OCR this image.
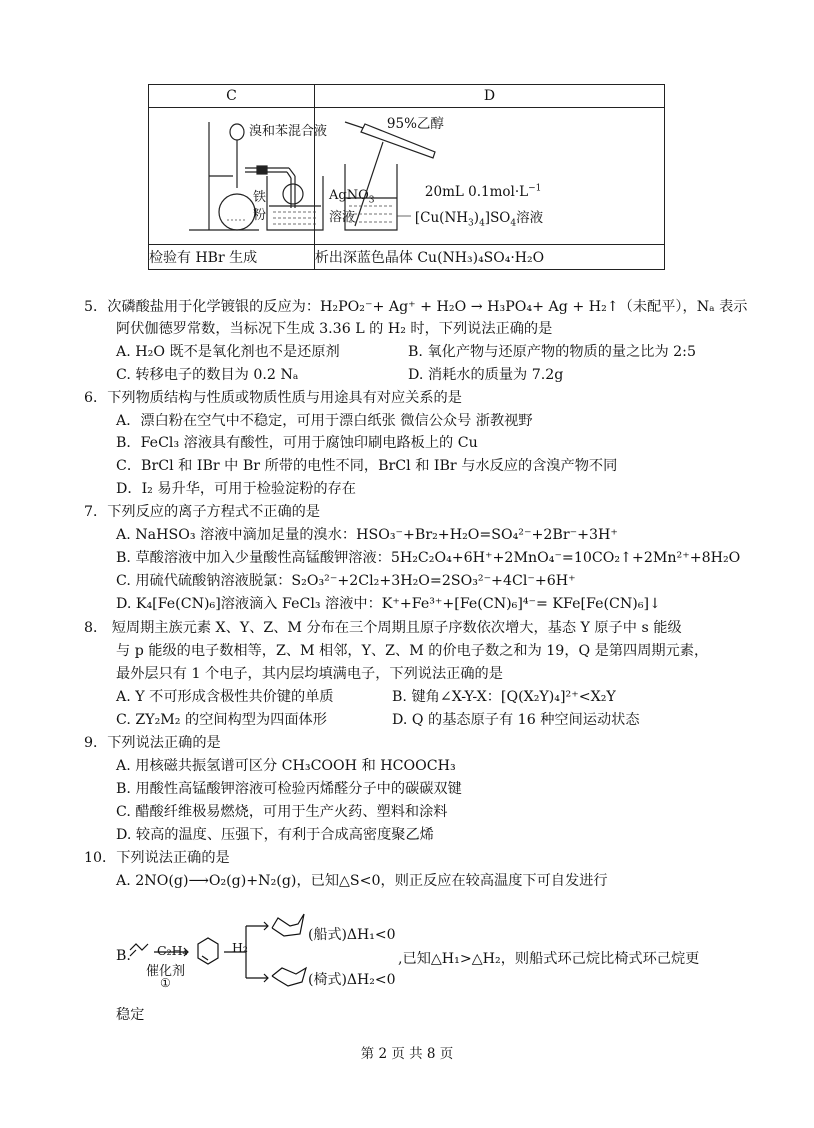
C	D

溴和苯混合液
铁
粉
AgNO$_3$
溶液	95%乙醇
20mL $0.1mol\cdot L^{-1}$
$[Cu(NH_3)_4]SO_4$溶液

检验有 HBr 生成	析出深蓝色晶体 Cu(NH₃)₄SO₄·H₂O
5．次磷酸盐用于化学镀银的反应为：H₂PO₂⁻+ Ag⁺ + H₂O → H₃PO₄+ Ag + H₂↑（未配平），Nₐ 表示
阿伏伽德罗常数，当标况下生成 3.36 L 的 H₂ 时，下列说法正确的是
A. H₂O 既不是氧化剂也不是还原剂	B. 氧化产物与还原产物的物质的量之比为 2:5
C. 转移电子的数目为 0.2 Nₐ	D. 消耗水的质量为 7.2g
6．下列物质结构与性质或物质性质与用途具有对应关系的是
A．漂白粉在空气中不稳定，可用于漂白纸张 微信公众号 浙教视野
B．FeCl₃ 溶液具有酸性，可用于腐蚀印刷电路板上的 Cu
C．BrCl 和 IBr 中 Br 所带的电性不同，BrCl 和 IBr 与水反应的含溴产物不同
D．I₂ 易升华，可用于检验淀粉的存在
7．下列反应的离子方程式不正确的是
A. NaHSO₃ 溶液中滴加足量的溴水：HSO₃⁻+Br₂+H₂O=SO₄²⁻+2Br⁻+3H⁺
B. 草酸溶液中加入少量酸性高锰酸钾溶液：5H₂C₂O₄+6H⁺+2MnO₄⁻=10CO₂↑+2Mn²⁺+8H₂O
C. 用硫代硫酸钠溶液脱氯：S₂O₃²⁻+2Cl₂+3H₂O=2SO₃²⁻+4Cl⁻+6H⁺
D. K₄[Fe(CN)₆]溶液滴入 FeCl₃ 溶液中：K⁺+Fe³⁺+[Fe(CN)₆]⁴⁻= KFe[Fe(CN)₆]↓
8． 短周期主族元素 X、Y、Z、M 分布在三个周期且原子序数依次增大，基态 Y 原子中 s 能级
与 p 能级的电子数相等，Z、M 相邻，Y、Z、M 的价电子数之和为 19，Q 是第四周期元素，
最外层只有 1 个电子，其内层均填满电子，下列说法正确的是
A. Y 不可形成含极性共价键的单质	B. 键角∠X-Y-X：[Q(X₂Y)₄]²⁺<X₂Y
C. ZY₂M₂ 的空间构型为四面体形	D. Q 的基态原子有 16 种空间运动状态
9．下列说法正确的是
A. 用核磁共振氢谱可区分 CH₃COOH 和 HCOOCH₃
B. 用酸性高锰酸钾溶液可检验丙烯醛分子中的碳碳双键
C. 醋酸纤维极易燃烧，可用于生产火药、塑料和涂料
D. 较高的温度、压强下，有利于合成高密度聚乙烯
10．下列说法正确的是
A. 2NO(g)⟶O₂(g)+N₂(g)，已知△S<0，则正反应在较高温度下可自发进行
B. C₂H₄
催化剂
①
H₂
(船式)ΔH₁<0
(椅式)ΔH₂<0
,已知△H₁>△H₂，则船式环己烷比椅式环己烷更
稳定
第 2 页 共 8 页
